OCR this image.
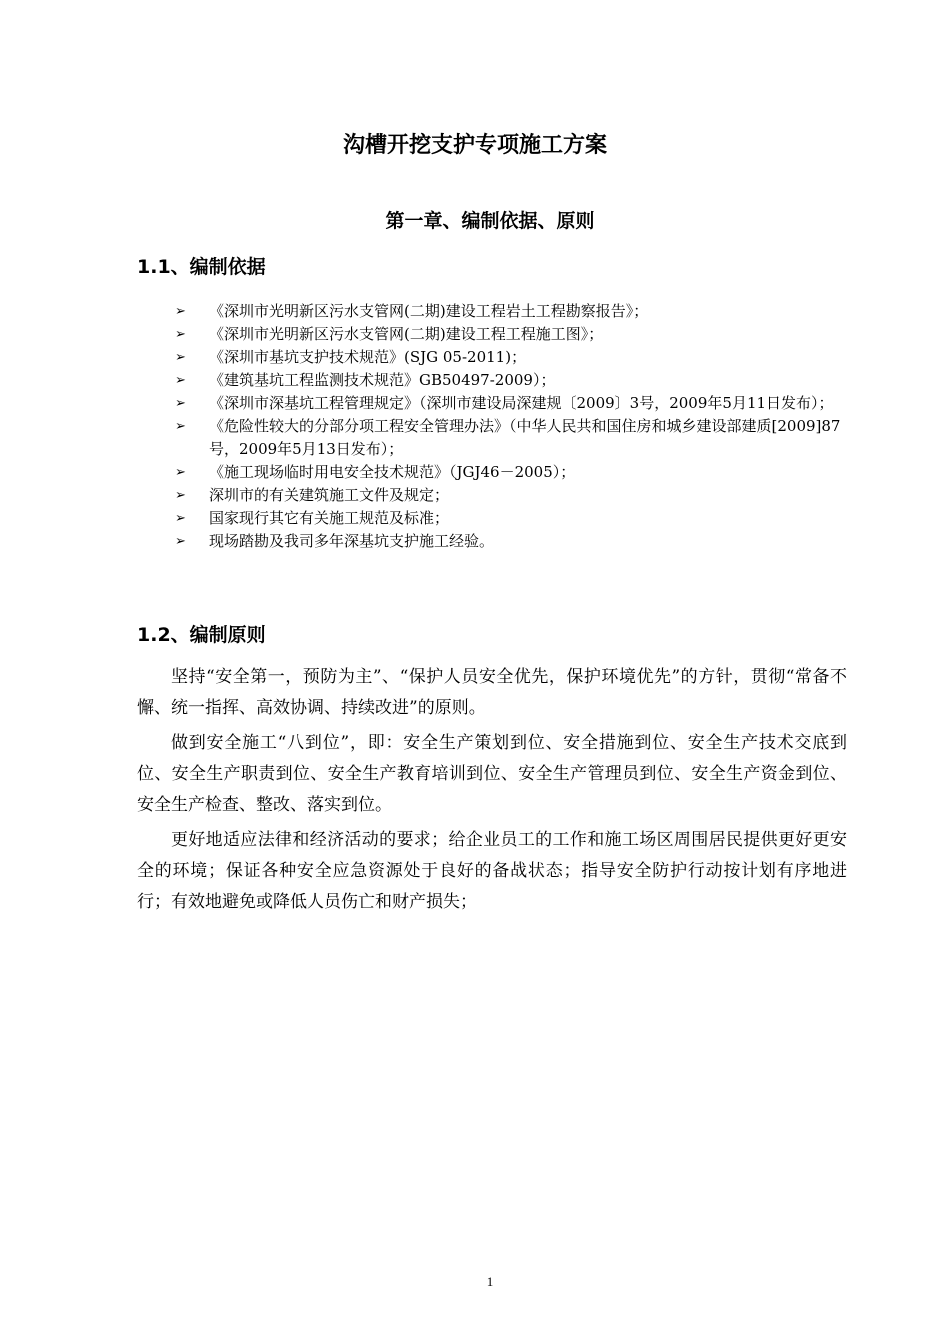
沟槽开挖支护专项施工方案
第一章、编制依据、原则
1.1、编制依据
➢ 《深圳市光明新区污水支管网(二期)建设工程岩土工程勘察报告》；
➢ 《深圳市光明新区污水支管网(二期)建设工程工程施工图》；
➢ 《深圳市基坑支护技术规范》(SJG 05-2011)；
➢ 《建筑基坑工程监测技术规范》GB50497-2009）；
➢ 《深圳市深基坑工程管理规定》（深圳市建设局深建规〔2009〕3号，2009年5月11日发布）；
➢ 《危险性较大的分部分项工程安全管理办法》（中华人民共和国住房和城乡建设部建质[2009]87号，2009年5月13日发布）；
➢ 《施工现场临时用电安全技术规范》（JGJ46－2005）；
➢ 深圳市的有关建筑施工文件及规定；
➢ 国家现行其它有关施工规范及标准；
➢ 现场踏勘及我司多年深基坑支护施工经验。
1.2、编制原则

坚持“安全第一，预防为主”、“保护人员安全优先，保护环境优先”的方针，贯彻“常备不懈、统一指挥、高效协调、持续改进”的原则。

做到安全施工“八到位”，即：安全生产策划到位、安全措施到位、安全生产技术交底到位、安全生产职责到位、安全生产教育培训到位、安全生产管理员到位、安全生产资金到位、安全生产检查、整改、落实到位。

更好地适应法律和经济活动的要求；给企业员工的工作和施工场区周围居民提供更好更安全的环境；保证各种安全应急资源处于良好的备战状态；指导安全防护行动按计划有序地进行；有效地避免或降低人员伤亡和财产损失；

1
